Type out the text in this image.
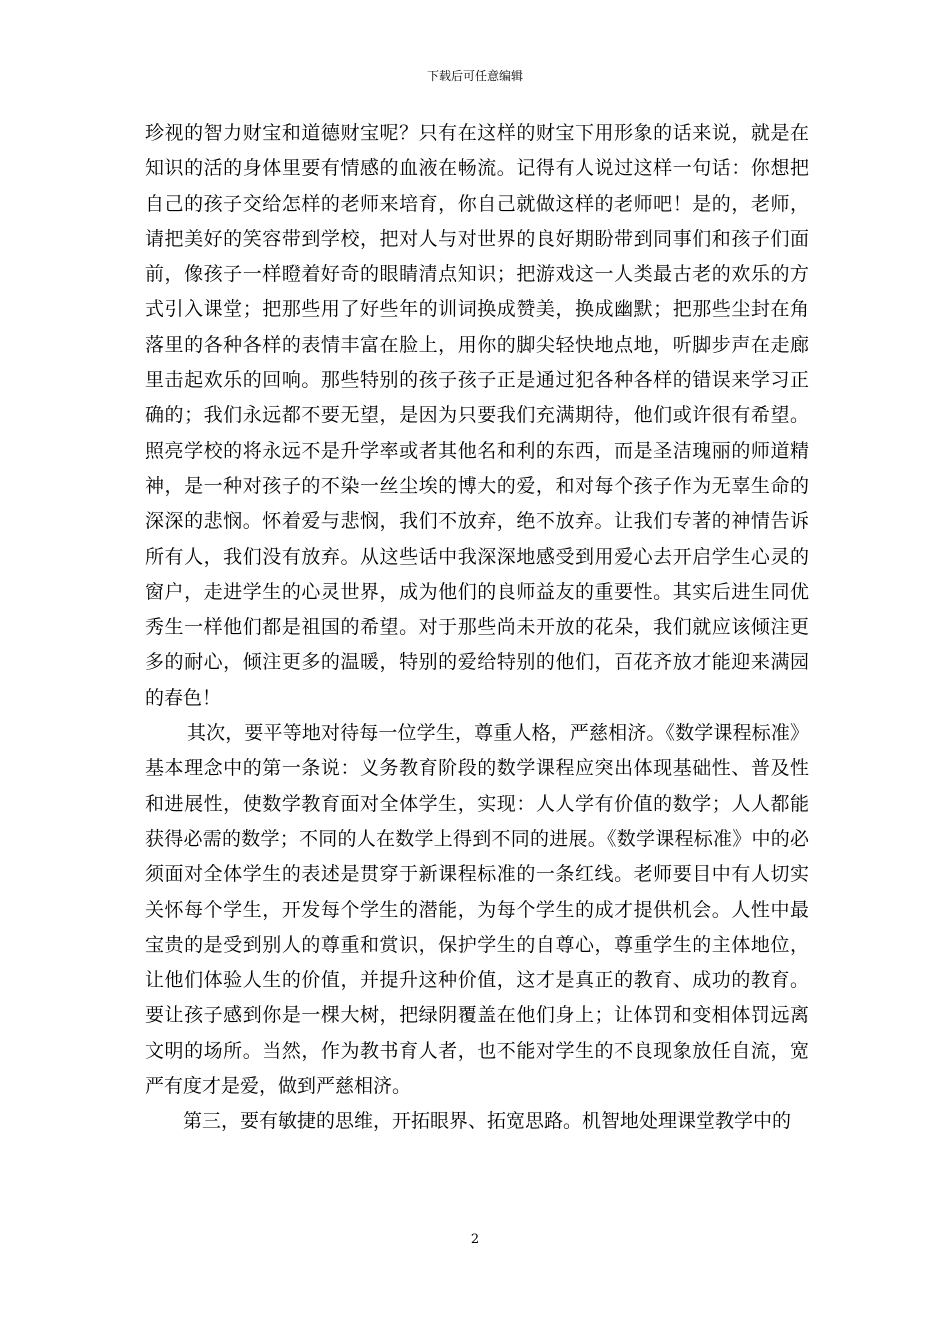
下载后可任意编辑

珍视的智力财宝和道德财宝呢？只有在这样的财宝下用形象的话来说，就是在知识的活的身体里要有情感的血液在畅流。记得有人说过这样一句话：你想把自己的孩子交给怎样的老师来培育，你自己就做这样的老师吧！是的，老师，请把美好的笑容带到学校，把对人与对世界的良好期盼带到同事们和孩子们面前，像孩子一样瞪着好奇的眼睛清点知识；把游戏这一人类最古老的欢乐的方式引入课堂；把那些用了好些年的训词换成赞美，换成幽默；把那些尘封在角落里的各种各样的表情丰富在脸上，用你的脚尖轻快地点地，听脚步声在走廊里击起欢乐的回响。那些特别的孩子孩子正是通过犯各种各样的错误来学习正确的；我们永远都不要无望，是因为只要我们充满期待，他们或许很有希望。照亮学校的将永远不是升学率或者其他名和利的东西，而是圣洁瑰丽的师道精神，是一种对孩子的不染一丝尘埃的博大的爱，和对每个孩子作为无辜生命的深深的悲悯。怀着爱与悲悯，我们不放弃，绝不放弃。让我们专著的神情告诉所有人，我们没有放弃。从这些话中我深深地感受到用爱心去开启学生心灵的窗户，走进学生的心灵世界，成为他们的良师益友的重要性。其实后进生同优秀生一样他们都是祖国的希望。对于那些尚未开放的花朵，我们就应该倾注更多的耐心，倾注更多的温暖，特别的爱给特别的他们，百花齐放才能迎来满园的春色！

其次，要平等地对待每一位学生，尊重人格，严慈相济。《数学课程标准》基本理念中的第一条说：义务教育阶段的数学课程应突出体现基础性、普及性和进展性，使数学教育面对全体学生，实现：人人学有价值的数学；人人都能获得必需的数学；不同的人在数学上得到不同的进展。《数学课程标准》中的必须面对全体学生的表述是贯穿于新课程标准的一条红线。老师要目中有人切实关怀每个学生，开发每个学生的潜能，为每个学生的成才提供机会。人性中最宝贵的是受到别人的尊重和赏识，保护学生的自尊心，尊重学生的主体地位，让他们体验人生的价值，并提升这种价值，这才是真正的教育、成功的教育。要让孩子感到你是一棵大树，把绿阴覆盖在他们身上；让体罚和变相体罚远离文明的场所。当然，作为教书育人者，也不能对学生的不良现象放任自流，宽严有度才是爱，做到严慈相济。

第三，要有敏捷的思维，开拓眼界、拓宽思路。机智地处理课堂教学中的

2
